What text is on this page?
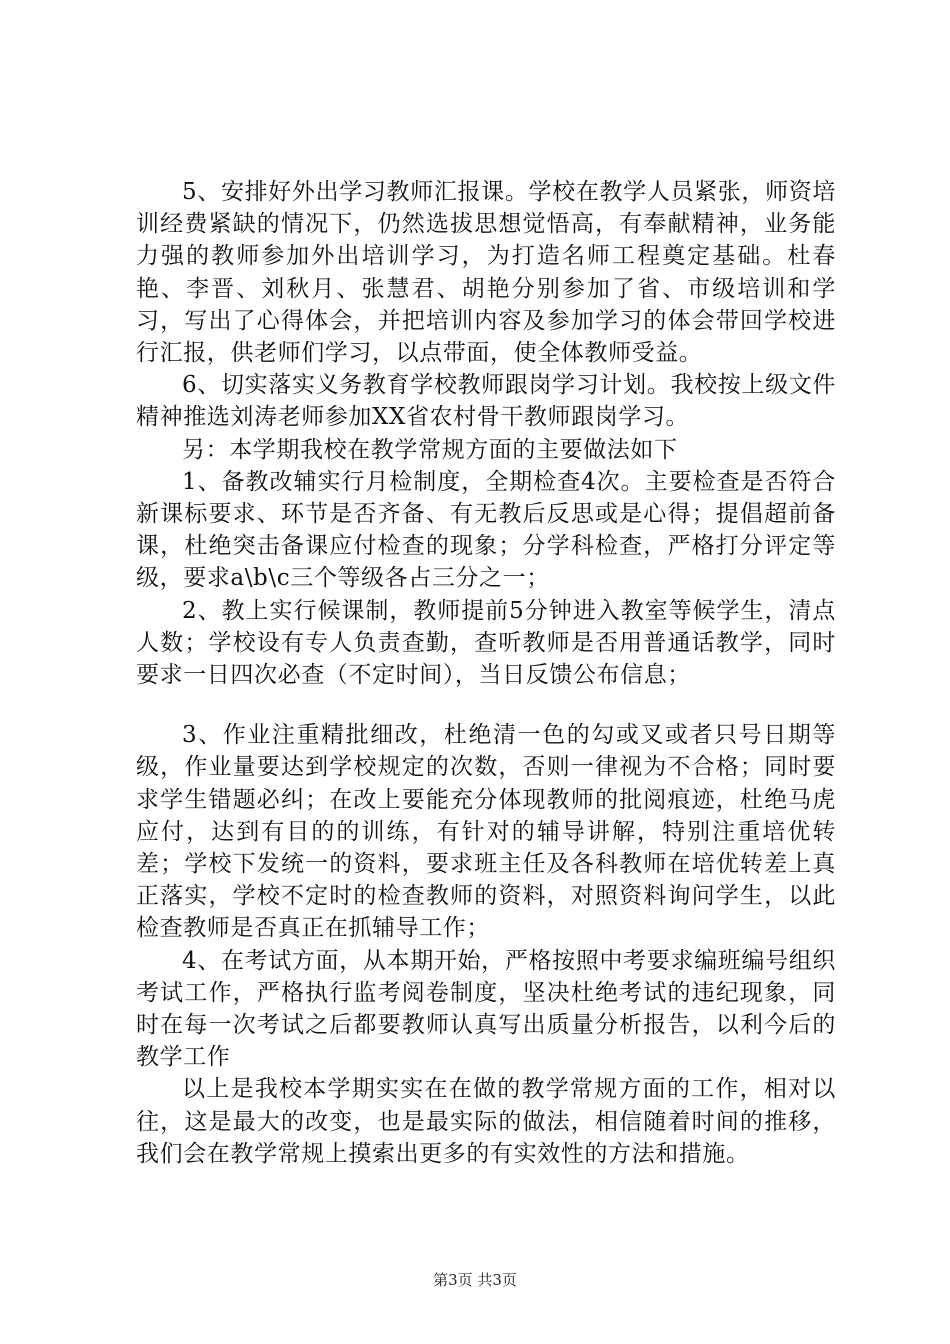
5、安排好外出学习教师汇报课。学校在教学人员紧张，师资培训经费紧缺的情况下，仍然选拔思想觉悟高，有奉献精神，业务能力强的教师参加外出培训学习，为打造名师工程奠定基础。杜春艳、李晋、刘秋月、张慧君、胡艳分别参加了省、市级培训和学习，写出了心得体会，并把培训内容及参加学习的体会带回学校进行汇报，供老师们学习，以点带面，使全体教师受益。

6、切实落实义务教育学校教师跟岗学习计划。我校按上级文件精神推选刘涛老师参加XX省农村骨干教师跟岗学习。

另：本学期我校在教学常规方面的主要做法如下

1、备教改辅实行月检制度，全期检查4次。主要检查是否符合新课标要求、环节是否齐备、有无教后反思或是心得；提倡超前备课，杜绝突击备课应付检查的现象；分学科检查，严格打分评定等级，要求a\b\c三个等级各占三分之一；

2、教上实行候课制，教师提前5分钟进入教室等候学生，清点人数；学校设有专人负责查勤，查听教师是否用普通话教学，同时要求一日四次必查（不定时间），当日反馈公布信息；

3、作业注重精批细改，杜绝清一色的勾或叉或者只号日期等级，作业量要达到学校规定的次数，否则一律视为不合格；同时要求学生错题必纠；在改上要能充分体现教师的批阅痕迹，杜绝马虎应付，达到有目的的训练，有针对的辅导讲解，特别注重培优转差；学校下发统一的资料，要求班主任及各科教师在培优转差上真正落实，学校不定时的检查教师的资料，对照资料询问学生，以此检查教师是否真正在抓辅导工作；

4、在考试方面，从本期开始，严格按照中考要求编班编号组织考试工作，严格执行监考阅卷制度，坚决杜绝考试的违纪现象，同时在每一次考试之后都要教师认真写出质量分析报告，以利今后的教学工作

以上是我校本学期实实在在做的教学常规方面的工作，相对以往，这是最大的改变，也是最实际的做法，相信随着时间的推移，我们会在教学常规上摸索出更多的有实效性的方法和措施。

第3页 共3页
